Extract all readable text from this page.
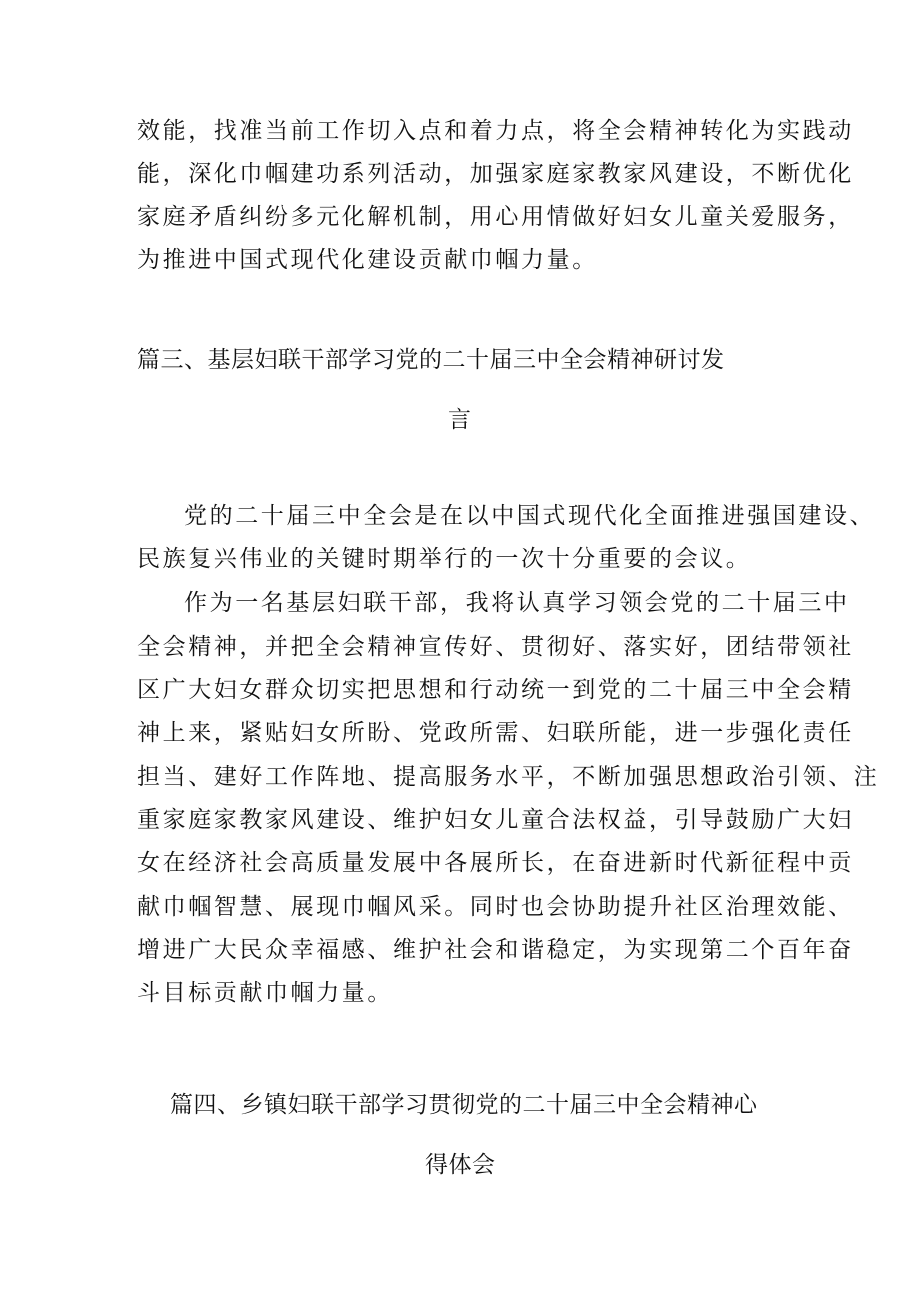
效能，找准当前工作切入点和着力点，将全会精神转化为实践动
能，深化巾帼建功系列活动，加强家庭家教家风建设，不断优化
家庭矛盾纠纷多元化解机制，用心用情做好妇女儿童关爱服务，
为推进中国式现代化建设贡献巾帼力量。
篇三、基层妇联干部学习党的二十届三中全会精神研讨发
言
党的二十届三中全会是在以中国式现代化全面推进强国建设、
民族复兴伟业的关键时期举行的一次十分重要的会议。
作为一名基层妇联干部，我将认真学习领会党的二十届三中
全会精神，并把全会精神宣传好、贯彻好、落实好，团结带领社
区广大妇女群众切实把思想和行动统一到党的二十届三中全会精
神上来，紧贴妇女所盼、党政所需、妇联所能，进一步强化责任
担当、建好工作阵地、提高服务水平，不断加强思想政治引领、注
重家庭家教家风建设、维护妇女儿童合法权益，引导鼓励广大妇
女在经济社会高质量发展中各展所长，在奋进新时代新征程中贡
献巾帼智慧、展现巾帼风采。同时也会协助提升社区治理效能、
增进广大民众幸福感、维护社会和谐稳定，为实现第二个百年奋
斗目标贡献巾帼力量。
篇四、乡镇妇联干部学习贯彻党的二十届三中全会精神心
得体会
